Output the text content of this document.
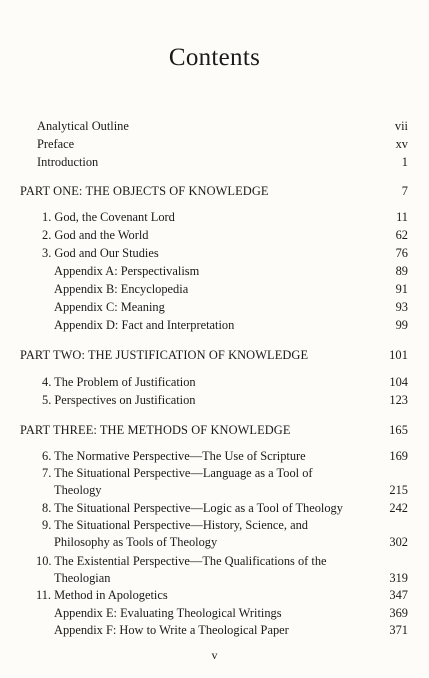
Contents
Analytical Outline	vii
Preface	xv
Introduction	1
PART ONE: THE OBJECTS OF KNOWLEDGE	7
1. God, the Covenant Lord	11
2. God and the World	62
3. God and Our Studies	76
Appendix A: Perspectivalism	89
Appendix B: Encyclopedia	91
Appendix C: Meaning	93
Appendix D: Fact and Interpretation	99
PART TWO: THE JUSTIFICATION OF KNOWLEDGE	101
4. The Problem of Justification	104
5. Perspectives on Justification	123
PART THREE: THE METHODS OF KNOWLEDGE	165
6. The Normative Perspective—The Use of Scripture	169
7. The Situational Perspective—Language as a Tool of
Theology	215
8. The Situational Perspective—Logic as a Tool of Theology	242
9. The Situational Perspective—History, Science, and
Philosophy as Tools of Theology	302
10. The Existential Perspective—The Qualifications of the
Theologian	319
11. Method in Apologetics	347
Appendix E: Evaluating Theological Writings	369
Appendix F: How to Write a Theological Paper	371
v
